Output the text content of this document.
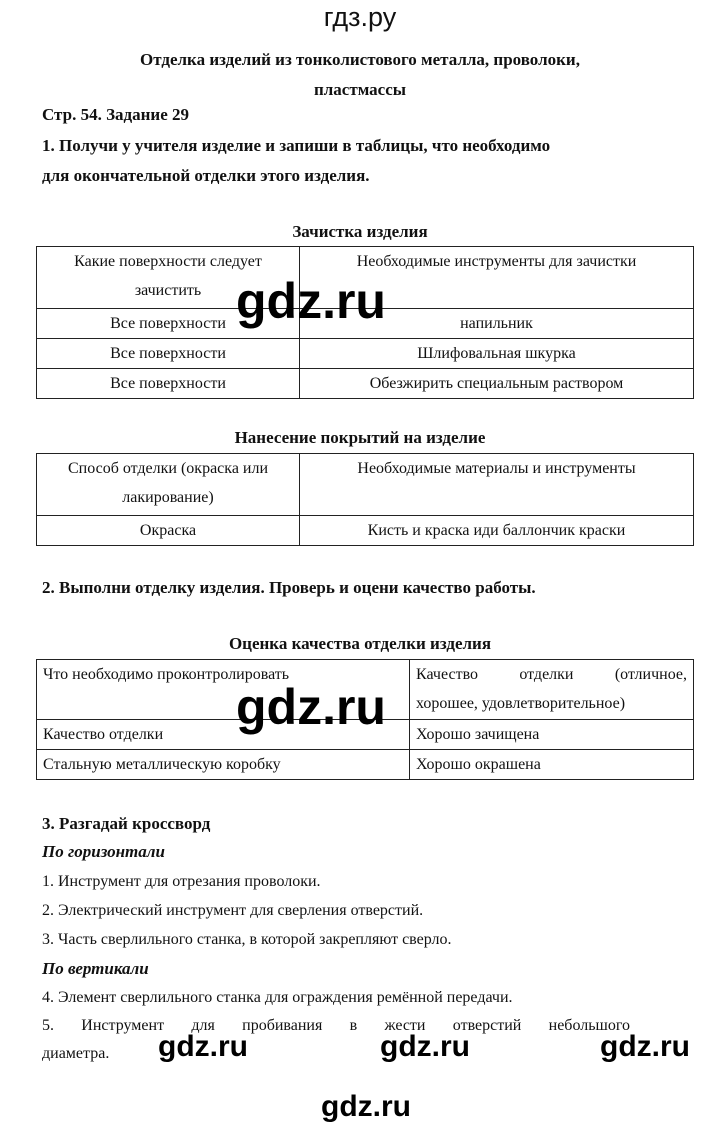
гдз.ру
Отделка изделий из тонколистового металла, проволоки,
пластмассы
Стр. 54. Задание 29
1. Получи у учителя изделие и запиши в таблицы, что необходимо
для окончательной отделки этого изделия.
Зачистка изделия
Какие поверхности следует
зачистить	Необходимые инструменты для зачистки
Все поверхности	напильник
Все поверхности	Шлифовальная шкурка
Все поверхности	Обезжирить специальным раствором
Нанесение покрытий на изделие
Способ отделки (окраска или
лакирование)	Необходимые материалы и инструменты
Окраска	Кисть и краска иди баллончик краски
2. Выполни отделку изделия. Проверь и оцени качество работы.
Оценка качества отделки изделия
Что необходимо проконтролировать	Качество отделки (отличное,
хорошее, удовлетворительное)

Качество отделки	Хорошо зачищена
Стальную металлическую коробку	Хорошо окрашена
3. Разгадай кроссворд
По горизонтали
1. Инструмент для отрезания проволоки.
2. Электрический инструмент для сверления отверстий.
3. Часть сверлильного станка, в которой закрепляют сверло.
По вертикали
4. Элемент сверлильного станка для ограждения ремённой передачи.
5. Инструмент для пробивания в жести отверстий небольшого
диаметра.
gdz.ru
gdz.ru
gdz.ru	gdz.ru	gdz.ru
gdz.ru
